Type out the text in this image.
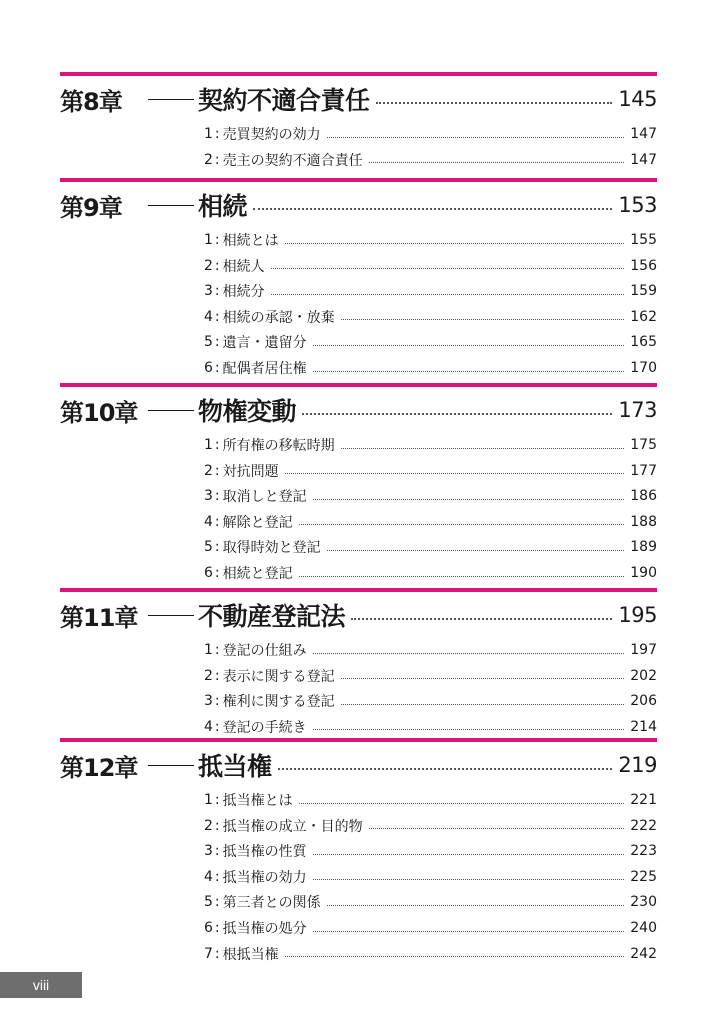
第8章	契約不適合責任	145
1 : 売買契約の効力	147
2 : 売主の契約不適合責任	147
第9章	相続	153
1 : 相続とは	155
2 : 相続人	156
3 : 相続分	159
4 : 相続の承認・放棄	162
5 : 遺言・遺留分	165
6 : 配偶者居住権	170
第10章	物権変動	173
1 : 所有権の移転時期	175
2 : 対抗問題	177
3 : 取消しと登記	186
4 : 解除と登記	188
5 : 取得時効と登記	189
6 : 相続と登記	190
第11章	不動産登記法	195
1 : 登記の仕組み	197
2 : 表示に関する登記	202
3 : 権利に関する登記	206
4 : 登記の手続き	214
第12章	抵当権	219
1 : 抵当権とは	221
2 : 抵当権の成立・目的物	222
3 : 抵当権の性質	223
4 : 抵当権の効力	225
5 : 第三者との関係	230
6 : 抵当権の処分	240
7 : 根抵当権	242
viii
